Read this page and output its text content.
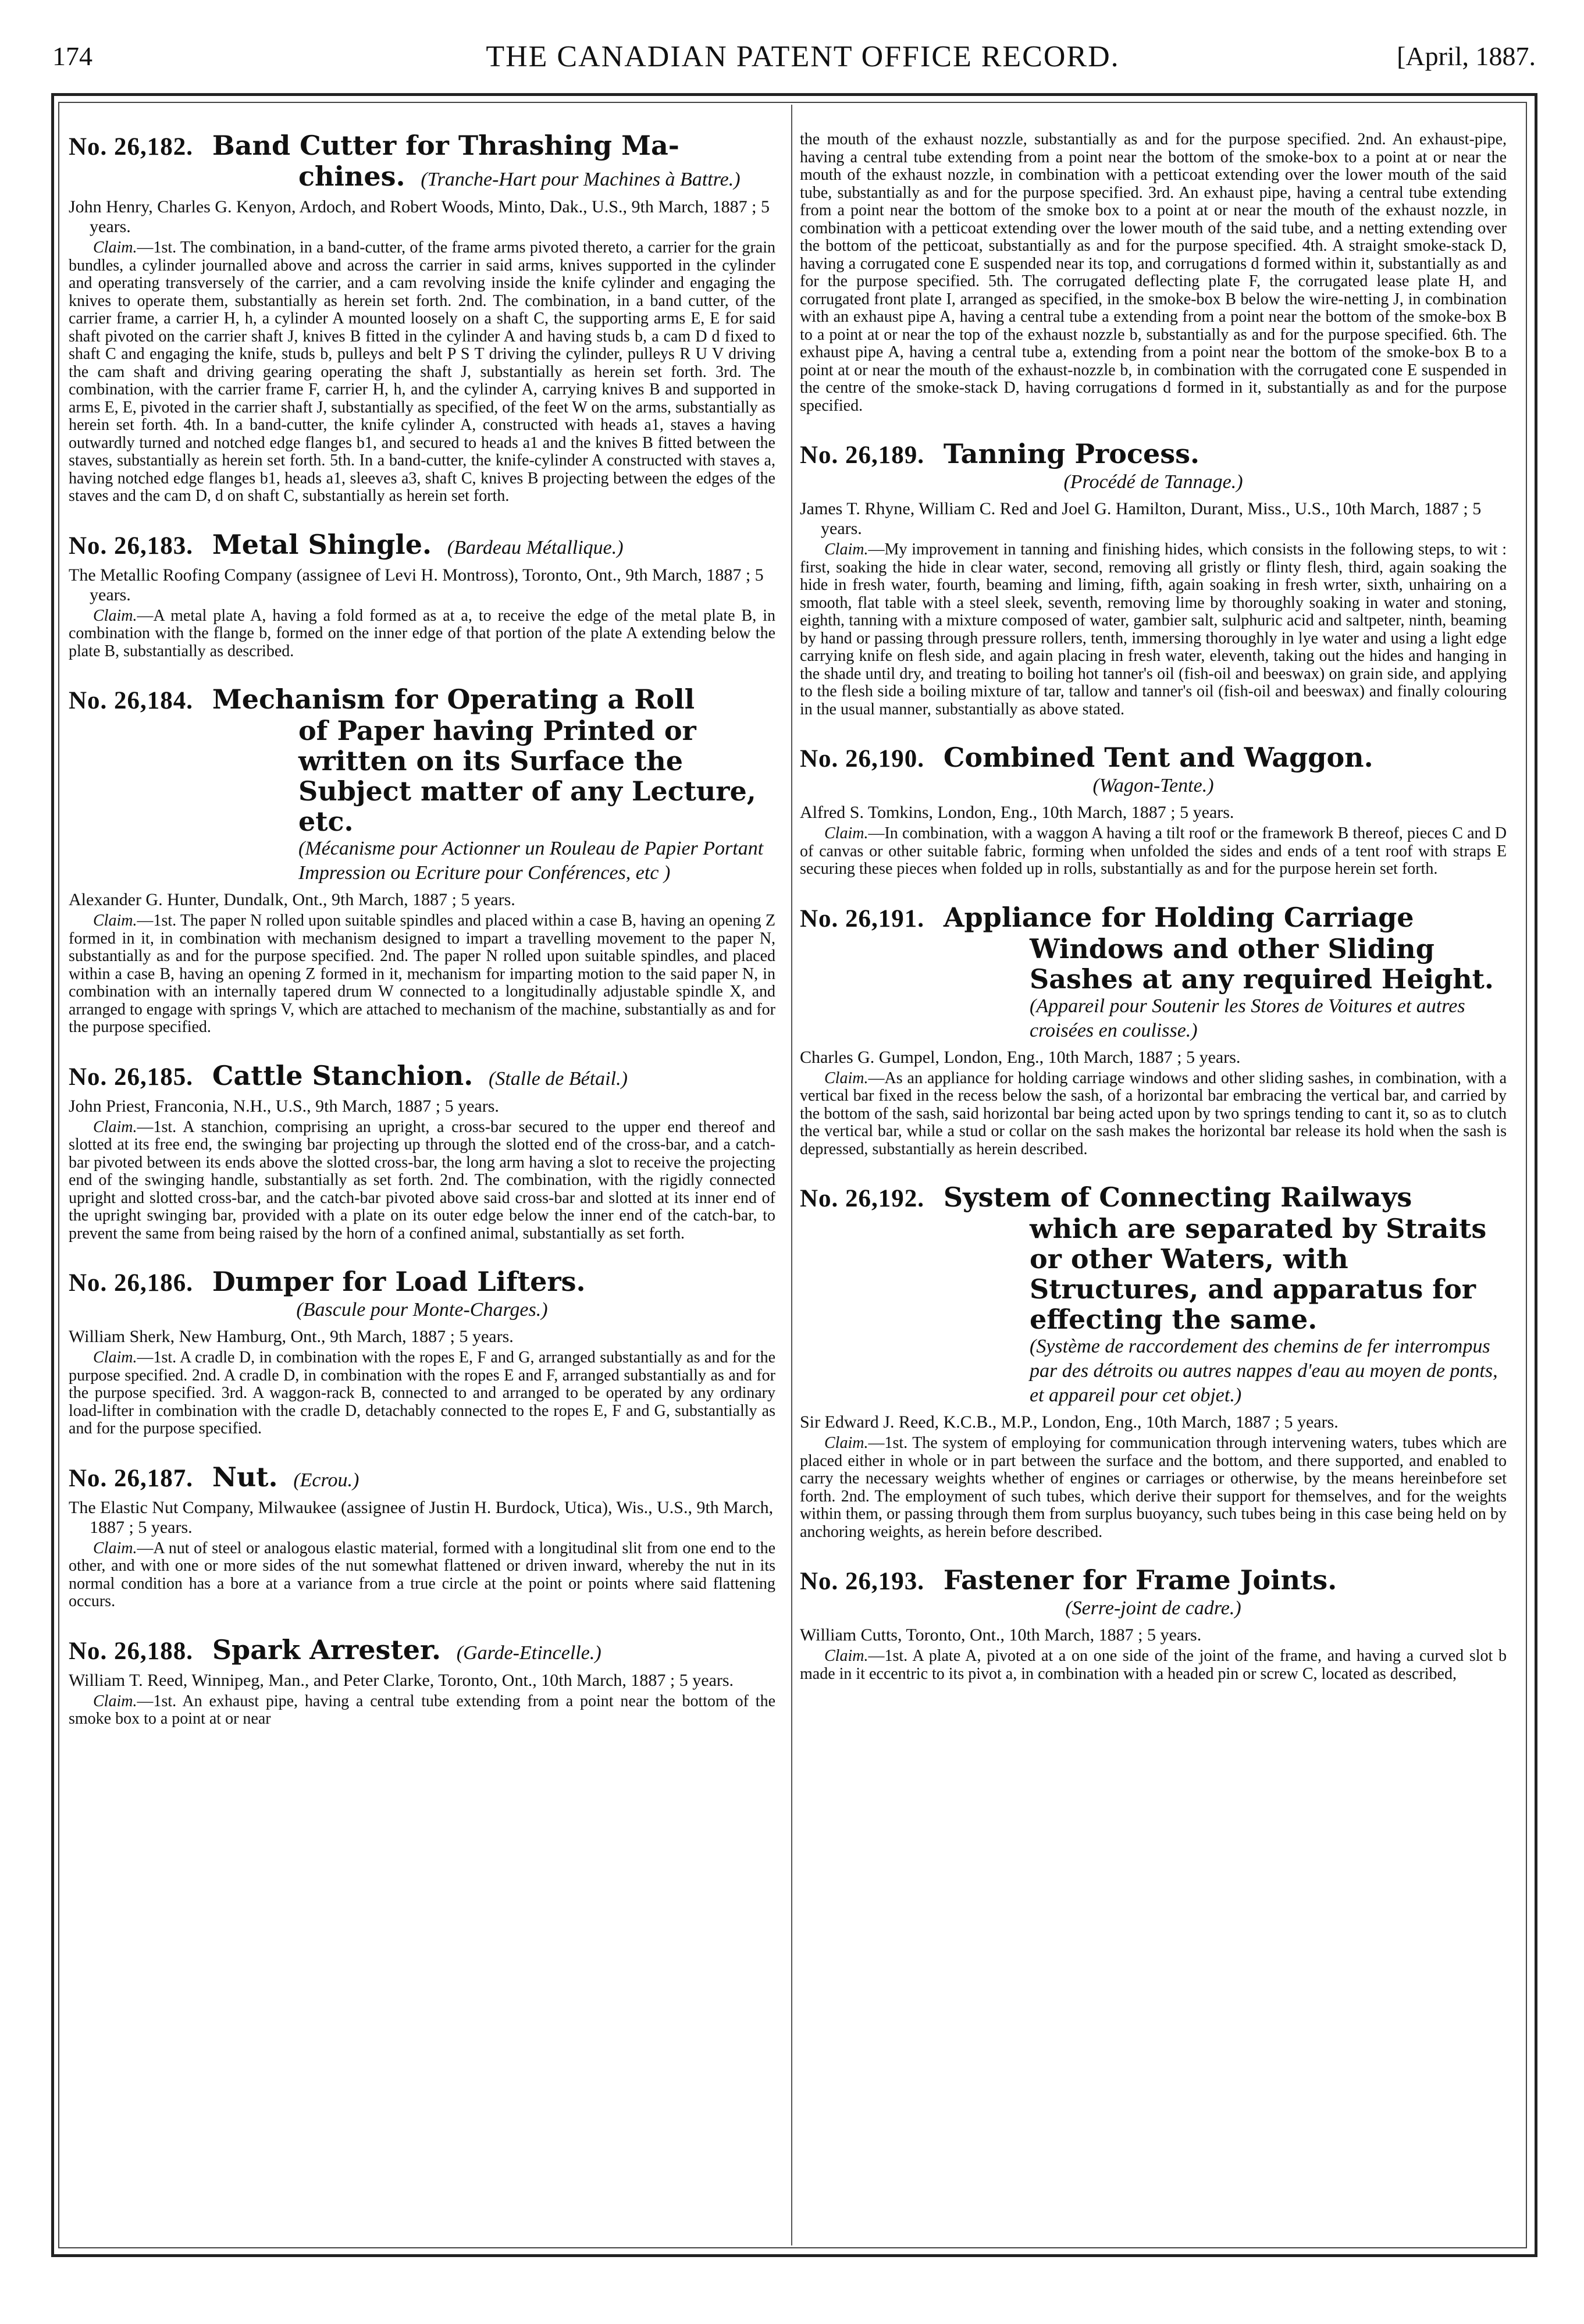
174	THE CANADIAN PATENT OFFICE RECORD.	[April, 1887.

No. 26,182. Band Cutter for Thrashing Ma-

chines. (Tranche-Hart pour Machines à Battre.)

John Henry, Charles G. Kenyon, Ardoch, and Robert Woods, Minto, Dak., U.S., 9th March, 1887 ; 5 years.

Claim.—1st. The combination, in a band-cutter, of the frame arms pivoted thereto, a carrier for the grain bundles, a cylinder journalled above and across the carrier in said arms, knives supported in the cylinder and operating transversely of the carrier, and a cam revolving inside the knife cylinder and engaging the knives to operate them, substantially as herein set forth. 2nd. The combination, in a band cutter, of the carrier frame, a carrier H, h, a cylinder A mounted loosely on a shaft C, the supporting arms E, E for said shaft pivoted on the carrier shaft J, knives B fitted in the cylinder A and having studs b, a cam D d fixed to shaft C and engaging the knife, studs b, pulleys and belt P S T driving the cylinder, pulleys R U V driving the cam shaft and driving gearing operating the shaft J, substantially as herein set forth. 3rd. The combination, with the carrier frame F, carrier H, h, and the cylinder A, carrying knives B and supported in arms E, E, pivoted in the carrier shaft J, substantially as specified, of the feet W on the arms, substantially as herein set forth. 4th. In a band-cutter, the knife cylinder A, constructed with heads a1, staves a having outwardly turned and notched edge flanges b1, and secured to heads a1 and the knives B fitted between the staves, substantially as herein set forth. 5th. In a band-cutter, the knife-cylinder A constructed with staves a, having notched edge flanges b1, heads a1, sleeves a3, shaft C, knives B projecting between the edges of the staves and the cam D, d on shaft C, substantially as herein set forth.

No. 26,183. Metal Shingle. (Bardeau Métallique.)

The Metallic Roofing Company (assignee of Levi H. Montross), Toronto, Ont., 9th March, 1887 ; 5 years.

Claim.—A metal plate A, having a fold formed as at a, to receive the edge of the metal plate B, in combination with the flange b, formed on the inner edge of that portion of the plate A extending below the plate B, substantially as described.

No. 26,184. Mechanism for Operating a Roll

of Paper having Printed or written on its Surface the Subject matter of any Lecture, etc.
(Mécanisme pour Actionner un Rouleau de Papier Portant Impression ou Ecriture pour Conférences, etc )

Alexander G. Hunter, Dundalk, Ont., 9th March, 1887 ; 5 years.

Claim.—1st. The paper N rolled upon suitable spindles and placed within a case B, having an opening Z formed in it, in combination with mechanism designed to impart a travelling movement to the paper N, substantially as and for the purpose specified. 2nd. The paper N rolled upon suitable spindles, and placed within a case B, having an opening Z formed in it, mechanism for imparting motion to the said paper N, in combination with an internally tapered drum W connected to a longitudinally adjustable spindle X, and arranged to engage with springs V, which are attached to mechanism of the machine, substantially as and for the purpose specified.

No. 26,185. Cattle Stanchion. (Stalle de Bétail.)

John Priest, Franconia, N.H., U.S., 9th March, 1887 ; 5 years.

Claim.—1st. A stanchion, comprising an upright, a cross-bar secured to the upper end thereof and slotted at its free end, the swinging bar projecting up through the slotted end of the cross-bar, and a catch-bar pivoted between its ends above the slotted cross-bar, the long arm having a slot to receive the projecting end of the swinging handle, substantially as set forth. 2nd. The combination, with the rigidly connected upright and slotted cross-bar, and the catch-bar pivoted above said cross-bar and slotted at its inner end of the upright swinging bar, provided with a plate on its outer edge below the inner end of the catch-bar, to prevent the same from being raised by the horn of a confined animal, substantially as set forth.

No. 26,186. Dumper for Load Lifters.

(Bascule pour Monte-Charges.)

William Sherk, New Hamburg, Ont., 9th March, 1887 ; 5 years.

Claim.—1st. A cradle D, in combination with the ropes E, F and G, arranged substantially as and for the purpose specified. 2nd. A cradle D, in combination with the ropes E and F, arranged substantially as and for the purpose specified. 3rd. A waggon-rack B, connected to and arranged to be operated by any ordinary load-lifter in combination with the cradle D, detachably connected to the ropes E, F and G, substantially as and for the purpose specified.

No. 26,187. Nut. (Ecrou.)

The Elastic Nut Company, Milwaukee (assignee of Justin H. Burdock, Utica), Wis., U.S., 9th March, 1887 ; 5 years.

Claim.—A nut of steel or analogous elastic material, formed with a longitudinal slit from one end to the other, and with one or more sides of the nut somewhat flattened or driven inward, whereby the nut in its normal condition has a bore at a variance from a true circle at the point or points where said flattening occurs.

No. 26,188. Spark Arrester. (Garde-Etincelle.)

William T. Reed, Winnipeg, Man., and Peter Clarke, Toronto, Ont., 10th March, 1887 ; 5 years.

Claim.—1st. An exhaust pipe, having a central tube extending from a point near the bottom of the smoke box to a point at or near

the mouth of the exhaust nozzle, substantially as and for the purpose specified. 2nd. An exhaust-pipe, having a central tube extending from a point near the bottom of the smoke-box to a point at or near the mouth of the exhaust nozzle, in combination with a petticoat extending over the lower mouth of the said tube, substantially as and for the purpose specified. 3rd. An exhaust pipe, having a central tube extending from a point near the bottom of the smoke box to a point at or near the mouth of the exhaust nozzle, in combination with a petticoat extending over the lower mouth of the said tube, and a netting extending over the bottom of the petticoat, substantially as and for the purpose specified. 4th. A straight smoke-stack D, having a corrugated cone E suspended near its top, and corrugations d formed within it, substantially as and for the purpose specified. 5th. The corrugated deflecting plate F, the corrugated lease plate H, and corrugated front plate I, arranged as specified, in the smoke-box B below the wire-netting J, in combination with an exhaust pipe A, having a central tube a extending from a point near the bottom of the smoke-box B to a point at or near the top of the exhaust nozzle b, substantially as and for the purpose specified. 6th. The exhaust pipe A, having a central tube a, extending from a point near the bottom of the smoke-box B to a point at or near the mouth of the exhaust-nozzle b, in combination with the corrugated cone E suspended in the centre of the smoke-stack D, having corrugations d formed in it, substantially as and for the purpose specified.

No. 26,189. Tanning Process.

(Procédé de Tannage.)

James T. Rhyne, William C. Red and Joel G. Hamilton, Durant, Miss., U.S., 10th March, 1887 ; 5 years.

Claim.—My improvement in tanning and finishing hides, which consists in the following steps, to wit : first, soaking the hide in clear water, second, removing all gristly or flinty flesh, third, again soaking the hide in fresh water, fourth, beaming and liming, fifth, again soaking in fresh wrter, sixth, unhairing on a smooth, flat table with a steel sleek, seventh, removing lime by thoroughly soaking in water and stoning, eighth, tanning with a mixture composed of water, gambier salt, sulphuric acid and saltpeter, ninth, beaming by hand or passing through pressure rollers, tenth, immersing thoroughly in lye water and using a light edge carrying knife on flesh side, and again placing in fresh water, eleventh, taking out the hides and hanging in the shade until dry, and treating to boiling hot tanner's oil (fish-oil and beeswax) on grain side, and applying to the flesh side a boiling mixture of tar, tallow and tanner's oil (fish-oil and beeswax) and finally colouring in the usual manner, substantially as above stated.

No. 26,190. Combined Tent and Waggon.

(Wagon-Tente.)

Alfred S. Tomkins, London, Eng., 10th March, 1887 ; 5 years.

Claim.—In combination, with a waggon A having a tilt roof or the framework B thereof, pieces C and D of canvas or other suitable fabric, forming when unfolded the sides and ends of a tent roof with straps E securing these pieces when folded up in rolls, substantially as and for the purpose herein set forth.

No. 26,191. Appliance for Holding Carriage

Windows and other Sliding Sashes at any required Height.
(Appareil pour Soutenir les Stores de Voitures et autres croisées en coulisse.)

Charles G. Gumpel, London, Eng., 10th March, 1887 ; 5 years.

Claim.—As an appliance for holding carriage windows and other sliding sashes, in combination, with a vertical bar fixed in the recess below the sash, of a horizontal bar embracing the vertical bar, and carried by the bottom of the sash, said horizontal bar being acted upon by two springs tending to cant it, so as to clutch the vertical bar, while a stud or collar on the sash makes the horizontal bar release its hold when the sash is depressed, substantially as herein described.

No. 26,192. System of Connecting Railways

which are separated by Straits or other Waters, with Structures, and apparatus for effecting the same.
(Système de raccordement des chemins de fer interrompus par des détroits ou autres nappes d'eau au moyen de ponts, et appareil pour cet objet.)

Sir Edward J. Reed, K.C.B., M.P., London, Eng., 10th March, 1887 ; 5 years.

Claim.—1st. The system of employing for communication through intervening waters, tubes which are placed either in whole or in part between the surface and the bottom, and there supported, and enabled to carry the necessary weights whether of engines or carriages or otherwise, by the means hereinbefore set forth. 2nd. The employment of such tubes, which derive their support for themselves, and for the weights within them, or passing through them from surplus buoyancy, such tubes being in this case being held on by anchoring weights, as herein before described.

No. 26,193. Fastener for Frame Joints.

(Serre-joint de cadre.)

William Cutts, Toronto, Ont., 10th March, 1887 ; 5 years.

Claim.—1st. A plate A, pivoted at a on one side of the joint of the frame, and having a curved slot b made in it eccentric to its pivot a, in combination with a headed pin or screw C, located as described,
